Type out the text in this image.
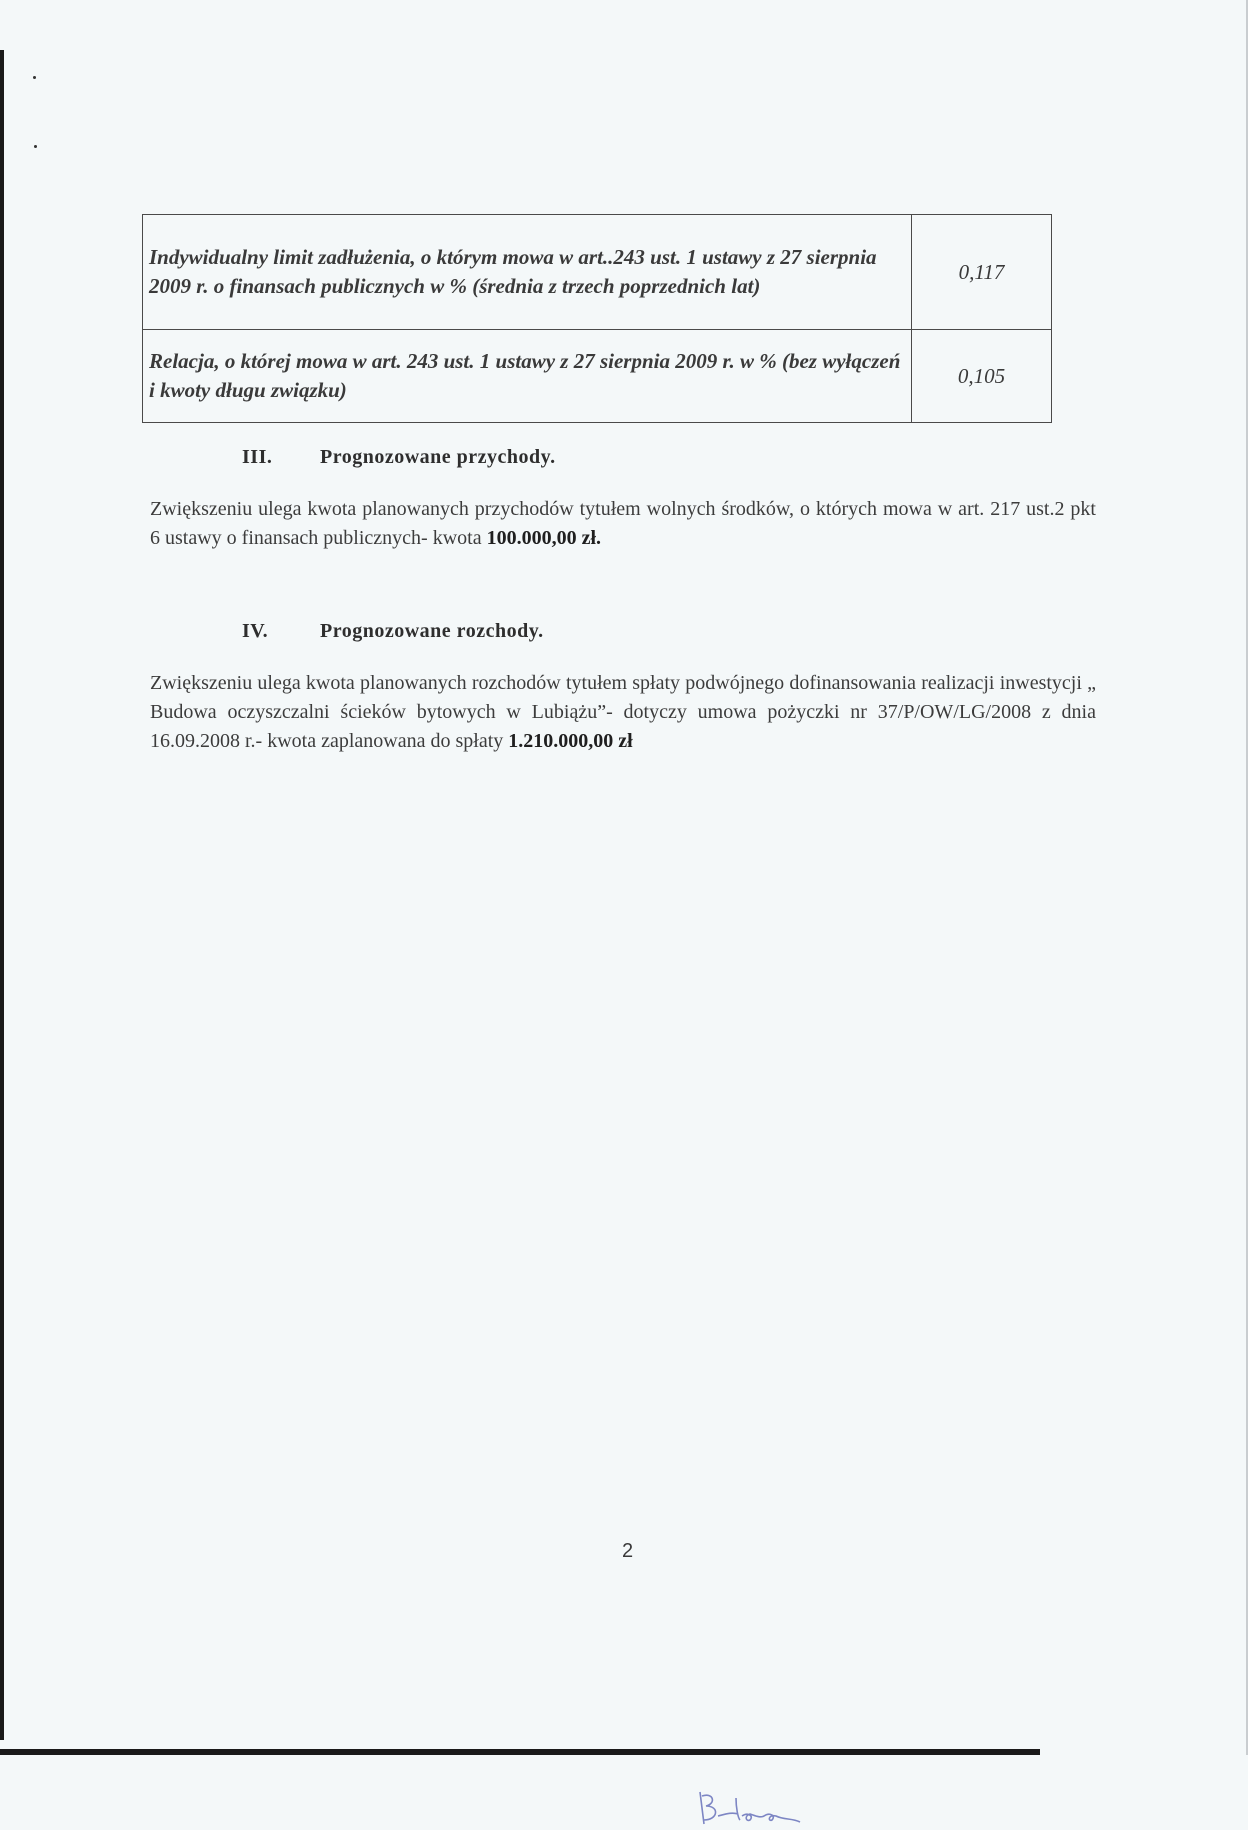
Indywidualny limit zadłużenia, o którym mowa w art..243 ust. 1 ustawy z 27 sierpnia 2009 r. o finansach publicznych w % (średnia z trzech poprzednich lat)	0,117
Relacja, o której mowa w art. 243 ust. 1 ustawy z 27 sierpnia 2009 r. w % (bez wyłączeń i kwoty długu związku)	0,105
III. Prognozowane przychody.
Zwiększeniu ulega kwota planowanych przychodów tytułem wolnych środków, o których mowa w art. 217 ust.2 pkt 6 ustawy o finansach publicznych- kwota 100.000,00 zł.
IV.	Prognozowane rozchody.
Zwiększeniu ulega kwota planowanych rozchodów tytułem spłaty podwójnego dofinansowania realizacji inwestycji „ Budowa oczyszczalni ścieków bytowych w Lubiążu”- dotyczy umowa pożyczki nr 37/P/OW/LG/2008 z dnia 16.09.2008 r.- kwota zaplanowana do spłaty 1.210.000,00 zł
2
